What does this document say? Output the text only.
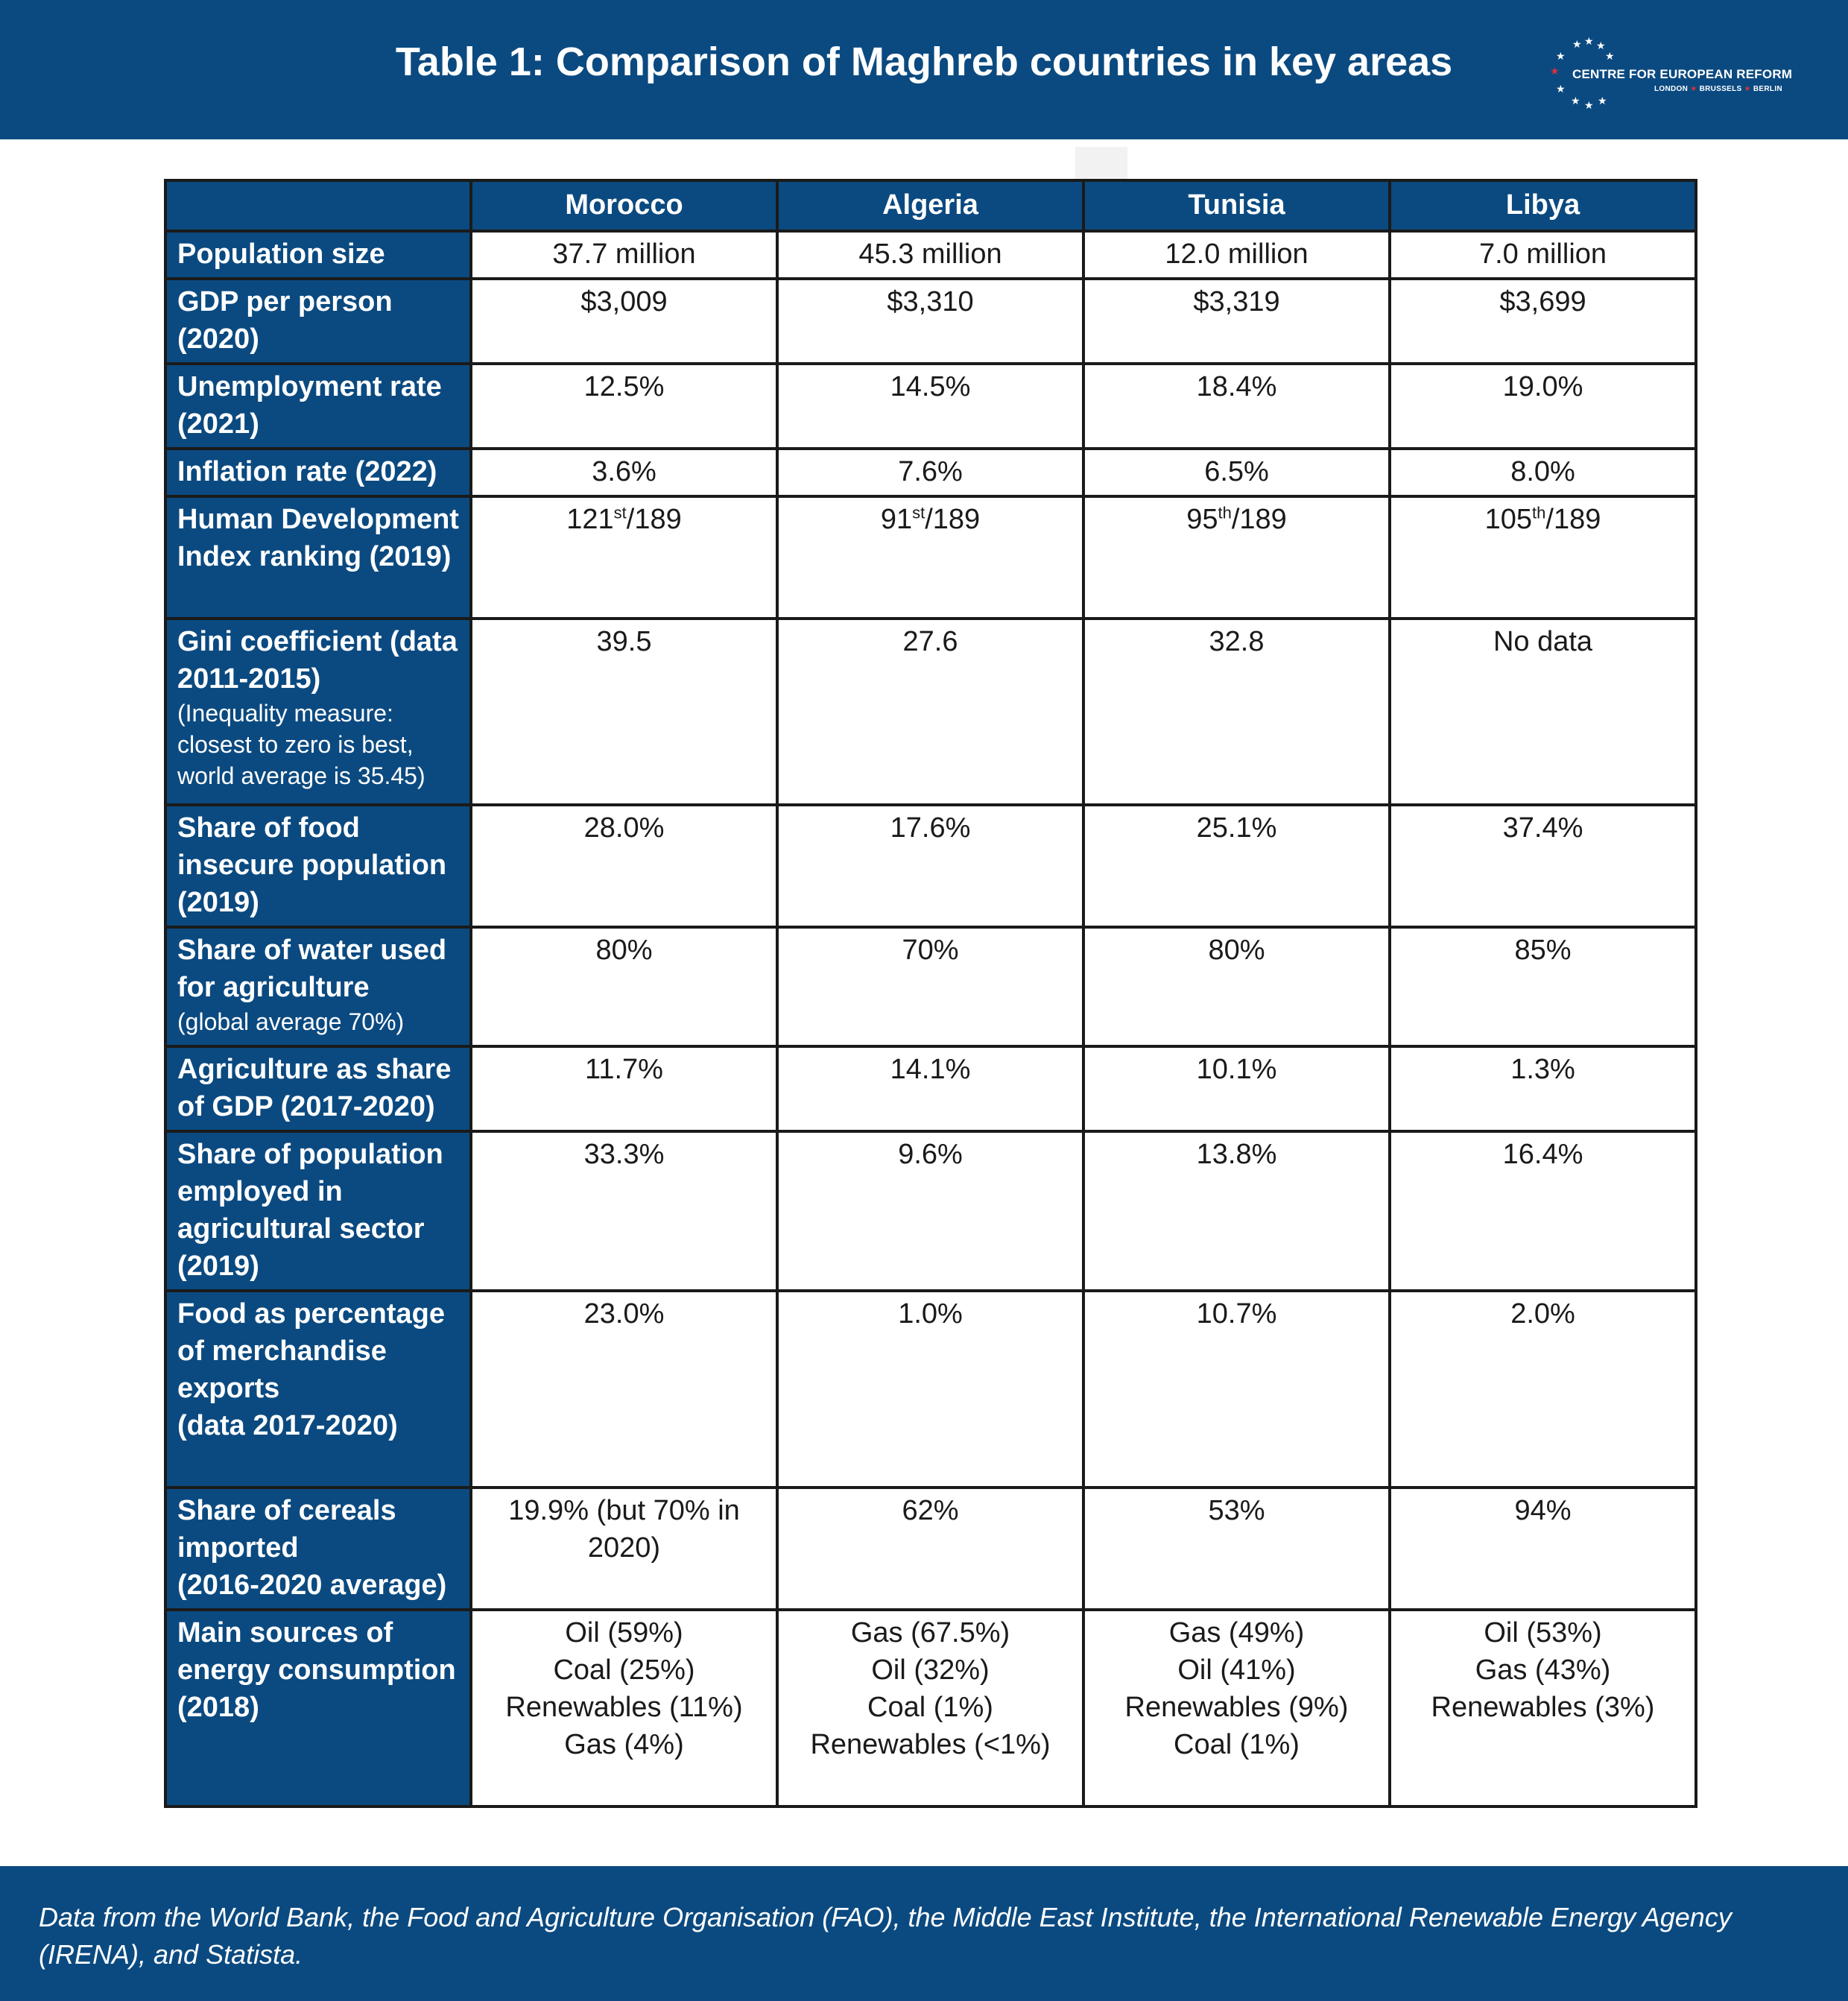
Table 1: Comparison of Maghreb countries in key areas	★ ★ ★
★
★
★
★ ★ ★
★
CENTRE FOR EUROPEAN REFORM
LONDON ★ BRUSSELS ★ BERLIN
	Morocco	Algeria	Tunisia	Libya
Population size	37.7 million	45.3 million	12.0 million	7.0 million
GDP per person (2020)	$3,009	$3,310	$3,319	$3,699
Unemployment rate (2021)	12.5%	14.5%	18.4%	19.0%
Inflation rate (2022)	3.6%	7.6%	6.5%	8.0%
Human Development Index ranking (2019)	121st/189	91st/189	95th/189	105th/189

Gini coefficient (data 2011-2015)
(Inequality measure: closest to zero is best, world average is 35.45)	39.5	27.6	32.8	No data
Share of food insecure population (2019)	28.0%	17.6%	25.1%	37.4%

Share of water used for agriculture
(global average 70%)	80%	70%	80%	85%
Agriculture as share of GDP (2017-2020)	11.7%	14.1%	10.1%	1.3%
Share of population employed in agricultural sector (2019)	33.3%	9.6%	13.8%	16.4%

Food as percentage of merchandise exports
(data 2017-2020)	23.0%	1.0%	10.7%	2.0%

Share of cereals imported
(2016-2020 average)	19.9% (but 70% in 2020)	62%	53%	94%
Main sources of energy consumption (2018)	Oil (59%)
Coal (25%)
Renewables (11%)
Gas (4%)	Gas (67.5%)
Oil (32%)
Coal (1%)
Renewables (<1%)	Gas (49%)
Oil (41%)
Renewables (9%)
Coal (1%)	Oil (53%)
Gas (43%)
Renewables (3%)
Data from the World Bank, the Food and Agriculture Organisation (FAO), the Middle East Institute, the International Renewable Energy Agency (IRENA), and Statista.
